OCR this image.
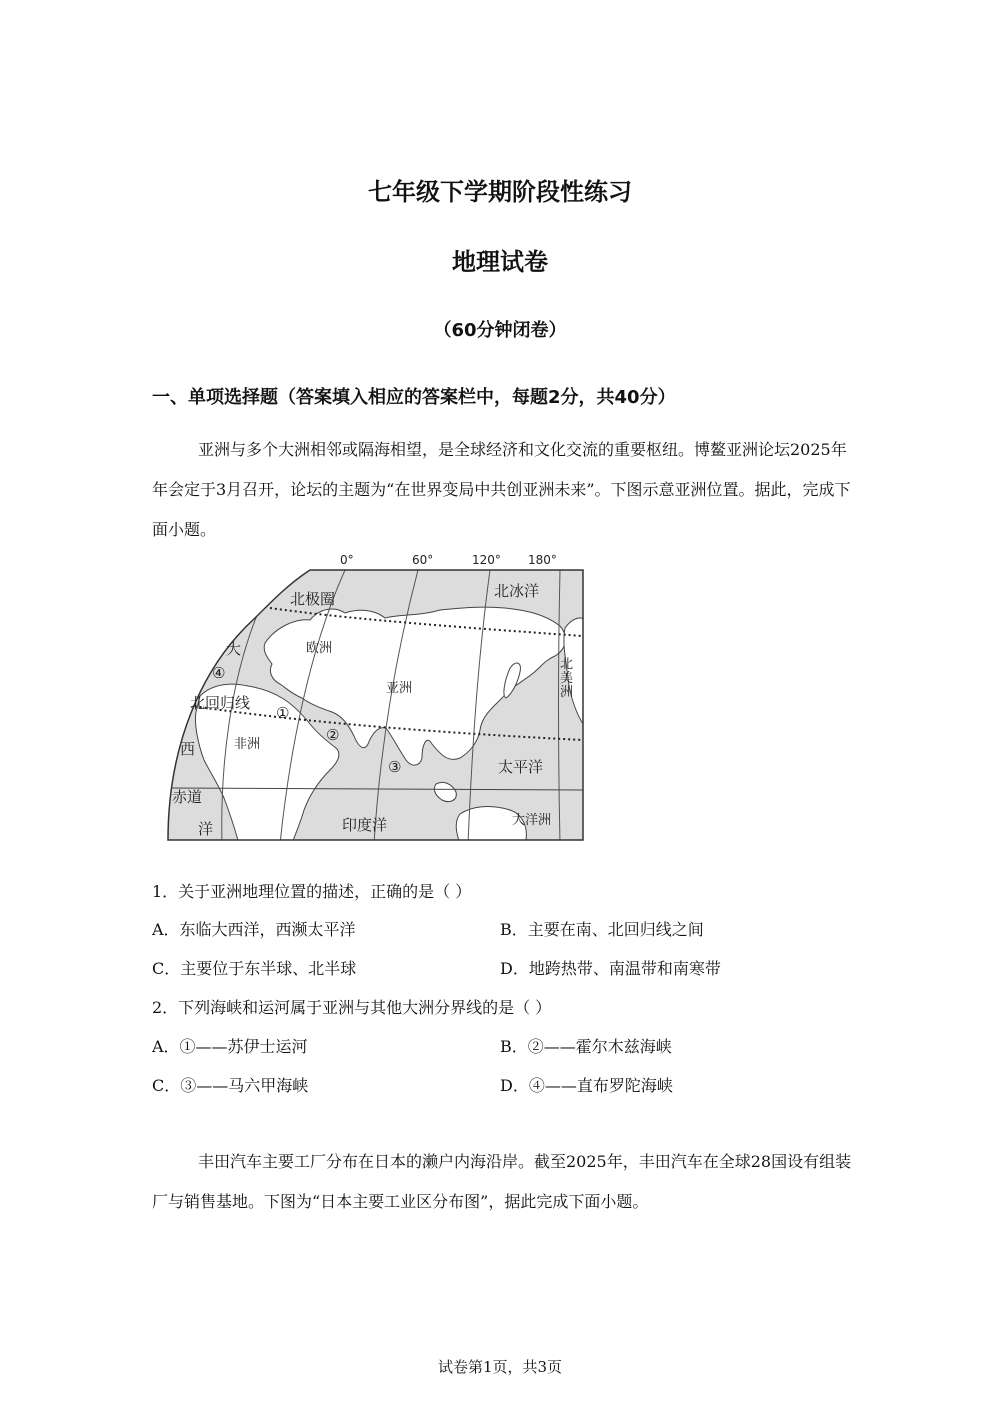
七年级下学期阶段性练习
地理试卷
（60分钟闭卷）
一、单项选择题（答案填入相应的答案栏中，每题2分，共40分）

亚洲与多个大洲相邻或隔海相望，是全球经济和文化交流的重要枢纽。博鳌亚洲论坛2025年年会定于3月召开，论坛的主题为“在世界变局中共创亚洲未来”。下图示意亚洲位置。据此，完成下面小题。

0°	60°	120° 180°
北极圈	北冰洋
欧洲
亚洲
非洲
北回归线
北
美
洲
太平洋
印度洋	大洋洲
赤道
大
西
洋
①
②
③
④
1．关于亚洲地理位置的描述，正确的是（ ）
A．东临大西洋，西濒太平洋	B．主要在南、北回归线之间
C．主要位于东半球、北半球	D．地跨热带、南温带和南寒带
2．下列海峡和运河属于亚洲与其他大洲分界线的是（ ）
A．①——苏伊士运河	B．②——霍尔木兹海峡
C．③——马六甲海峡	D．④——直布罗陀海峡

丰田汽车主要工厂分布在日本的濑户内海沿岸。截至2025年，丰田汽车在全球28国设有组装厂与销售基地。下图为“日本主要工业区分布图”，据此完成下面小题。

试卷第1页，共3页
